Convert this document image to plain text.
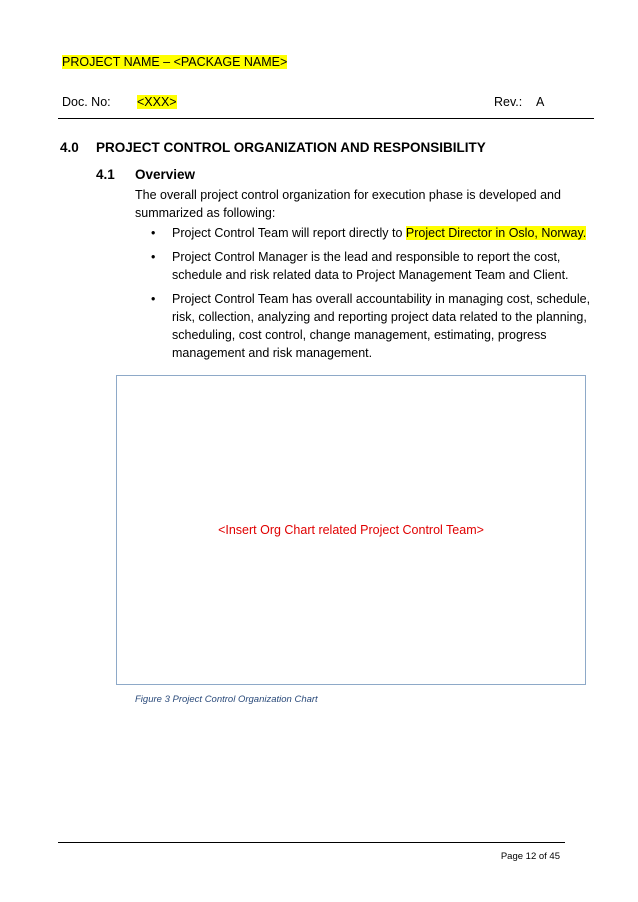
PROJECT NAME – <PACKAGE NAME>
Doc. No: <XXX>	Rev.: A
4.0 PROJECT CONTROL ORGANIZATION AND RESPONSIBILITY
4.1 Overview
The overall project control organization for execution phase is developed and summarized as following:
• Project Control Team will report directly to Project Director in Oslo, Norway.
• Project Control Manager is the lead and responsible to report the cost, schedule and risk related data to Project Management Team and Client.
• Project Control Team has overall accountability in managing cost, schedule, risk, collection, analyzing and reporting project data related to the planning, scheduling, cost control, change management, estimating, progress management and risk management.
<Insert Org Chart related Project Control Team>
Figure 3 Project Control Organization Chart
Page 12 of 45
